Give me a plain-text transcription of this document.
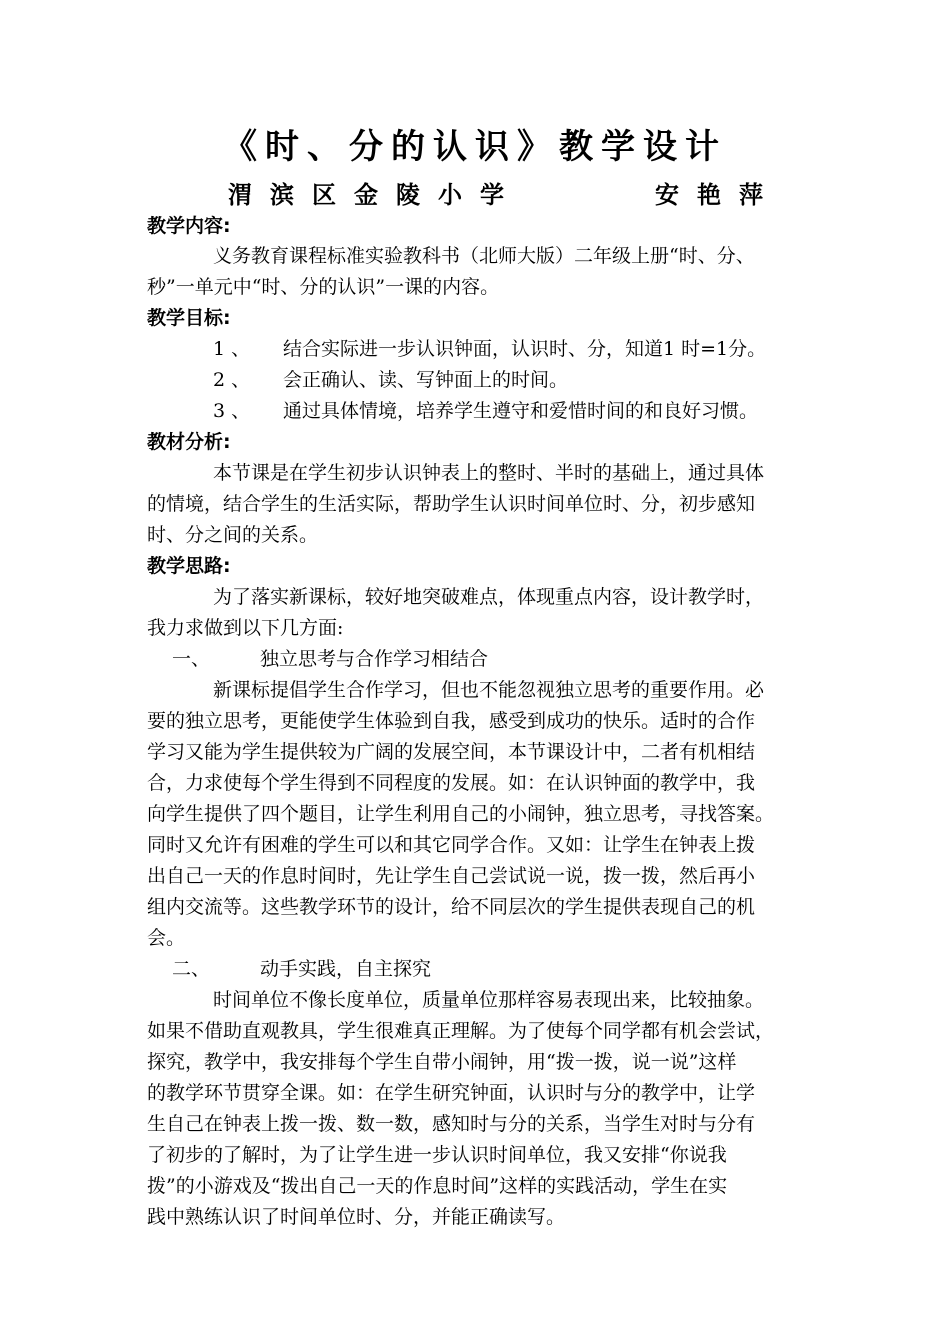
《时、分的认识》教学设计
渭滨区金陵小学	安艳萍
教学内容:
义务教育课程标准实验教科书（北师大版）二年级上册“时、分、
秒”一单元中“时、分的认识”一课的内容。
教学目标:
1 、 结合实际进一步认识钟面，认识时、分，知道1 时=1分。
2 、 会正确认、读、写钟面上的时间。
3 、 通过具体情境，培养学生遵守和爱惜时间的和良好习惯。
教材分析:
本节课是在学生初步认识钟表上的整时、半时的基础上，通过具体
的情境，结合学生的生活实际，帮助学生认识时间单位时、分，初步感知
时、分之间的关系。
教学思路:
为了落实新课标，较好地突破难点，体现重点内容，设计教学时，
我力求做到以下几方面:
一、	独立思考与合作学习相结合
新课标提倡学生合作学习，但也不能忽视独立思考的重要作用。必
要的独立思考，更能使学生体验到自我，感受到成功的快乐。适时的合作
学习又能为学生提供较为广阔的发展空间，本节课设计中，二者有机相结
合，力求使每个学生得到不同程度的发展。如：在认识钟面的教学中，我
向学生提供了四个题目，让学生利用自己的小闹钟，独立思考，寻找答案。
同时又允许有困难的学生可以和其它同学合作。又如：让学生在钟表上拨
出自己一天的作息时间时，先让学生自己尝试说一说，拨一拨，然后再小
组内交流等。这些教学环节的设计，给不同层次的学生提供表现自己的机
会。
二、	动手实践，自主探究
时间单位不像长度单位，质量单位那样容易表现出来，比较抽象。
如果不借助直观教具，学生很难真正理解。为了使每个同学都有机会尝试，
探究，教学中，我安排每个学生自带小闹钟，用“拨一拨，说一说”这样
的教学环节贯穿全课。如：在学生研究钟面，认识时与分的教学中，让学
生自己在钟表上拨一拨、数一数，感知时与分的关系，当学生对时与分有
了初步的了解时，为了让学生进一步认识时间单位，我又安排“你说我
拨”的小游戏及“拨出自己一天的作息时间”这样的实践活动，学生在实
践中熟练认识了时间单位时、分，并能正确读写。
